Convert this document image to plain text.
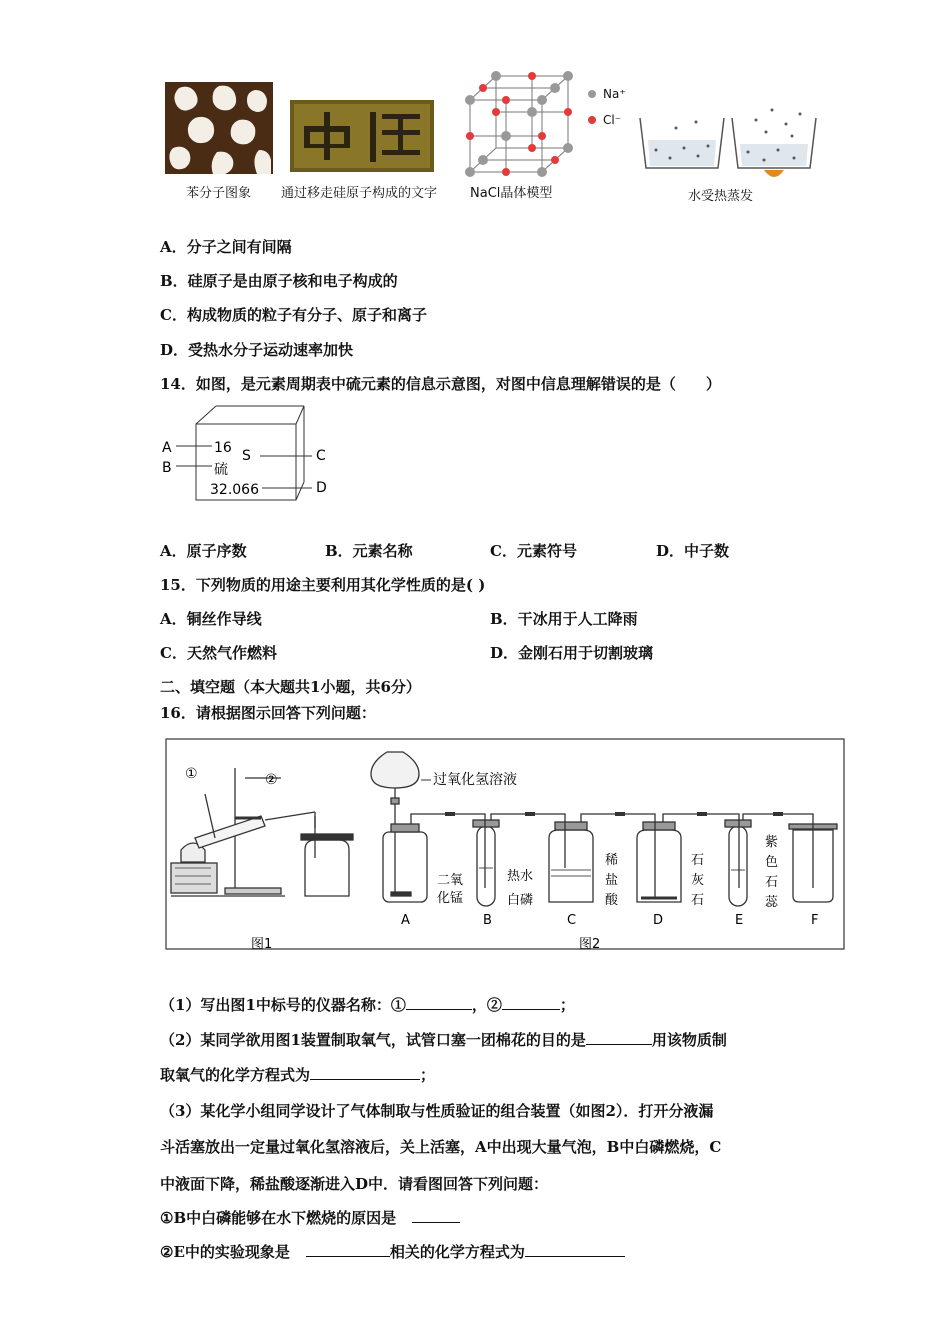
苯分子图象 通过移走硅原子构成的文字
Na⁺
Cl⁻
NaCl晶体模型	水受热蒸发
A．分子之间有间隔
B．硅原子是由原子核和电子构成的
C．构成物质的粒子有分子、原子和离子
D．受热水分子运动速率加快
14．如图，是元素周期表中硫元素的信息示意图，对图中信息理解错误的是（　　）
A
B
16
硫
S
32.066
C
D
A．原子序数	B．元素名称	C．元素符号	D．中子数
15．下列物质的用途主要利用其化学性质的是( )
A．铜丝作导线	B．干冰用于人工降雨
C．天然气作燃料	D．金刚石用于切割玻璃
二、填空题（本大题共1小题，共6分）
16．请根据图示回答下列问题：
①	②
图1
过氧化氢溶液
二氧
化锰
热水
白磷
稀
盐
酸
石
灰
石
紫
色
石
蕊
A	B	C	D	E	F
图2
（1）写出图1中标号的仪器名称：①	，②	；
（2）某同学欲用图1装置制取氧气，试管口塞一团棉花的目的是	用该物质制
取氧气的化学方程式为	；
（3）某化学小组同学设计了气体制取与性质验证的组合装置（如图2）．打开分液漏
斗活塞放出一定量过氧化氢溶液后，关上活塞，A中出现大量气泡，B中白磷燃烧，C
中液面下降，稀盐酸逐渐进入D中．请看图回答下列问题：
①B中白磷能够在水下燃烧的原因是
②E中的实验现象是	相关的化学方程式为
